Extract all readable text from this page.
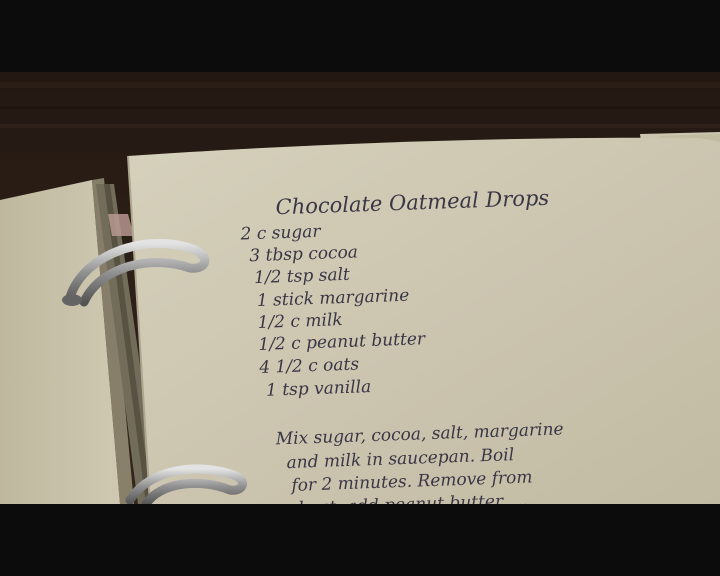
Chocolate Oatmeal Drops
2 c sugar
3 tbsp cocoa
1/2 tsp salt
1 stick margarine
1/2 c milk
1/2 c peanut butter
4 1/2 c oats
1 tsp vanilla
Mix sugar, cocoa, salt, margarine
and milk in saucepan. Boil
for 2 minutes. Remove from
